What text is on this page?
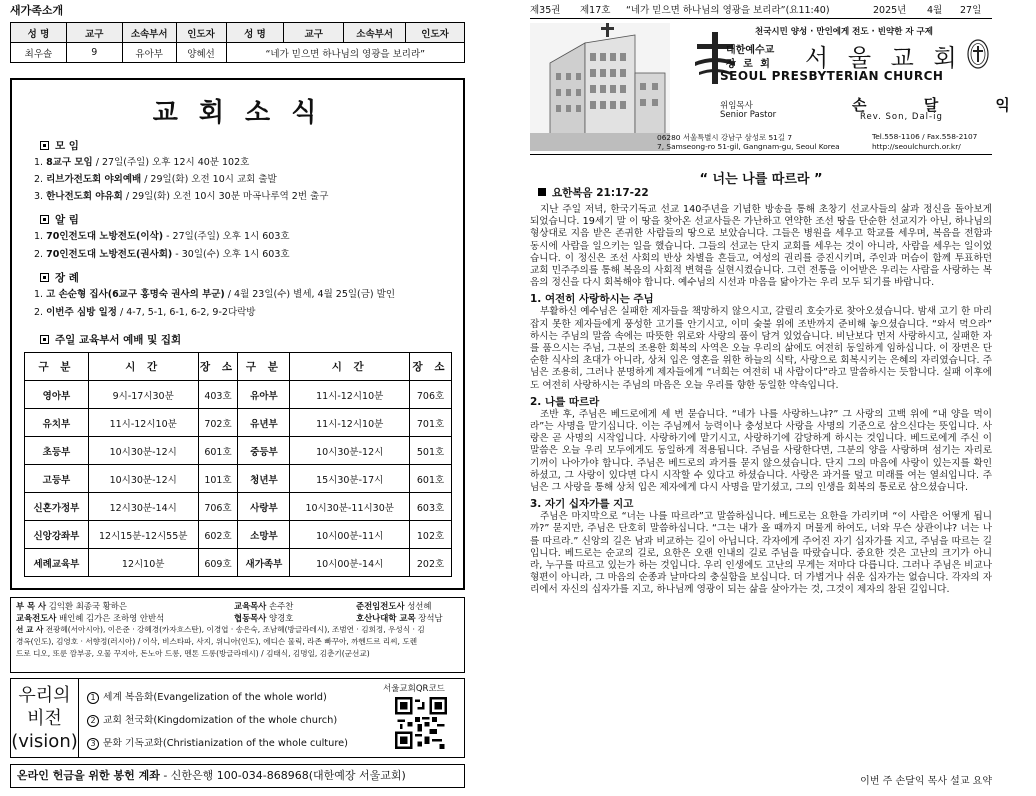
새가족소개
성 명	교구	소속부서	인도자	성 명	교구	소속부서	인도자
최우솔	9	유아부	양혜선	“네가 믿으면 하나님의 영광을 보리라”			
교 회 소 식
모 임
1. 8교구 모임 / 27일(주일) 오후 12시 40분 102호
2. 리브가전도회 야외예배 / 29일(화) 오전 10시 교회 출발
3. 한나전도회 야유회 / 29일(화) 오전 10시 30분 마곡나루역 2번 출구
알 림
1. 70인전도대 노방전도(이삭) - 27일(주일) 오후 1시 603호
2. 70인전도대 노방전도(권사회) - 30일(수) 오후 1시 603호
장 례
1. 고 손순형 집사(6교구 홍명숙 권사의 부군) / 4월 23일(수) 별세, 4월 25일(금) 발인
2. 이번주 심방 일정 / 4-7, 5-1, 6-1, 6-2, 9-2다락방
주일 교육부서 예배 및 집회
구 분	시 간	장 소	구 분	시 간	장 소
영아부	9시-17시30분	403호	유아부	11시-12시10분	706호
유치부	11시-12시10분	702호	유년부	11시-12시10분	701호
초등부	10시30분-12시	601호	중등부	10시30분-12시	501호
고등부	10시30분-12시	101호	청년부	15시30분-17시	601호
신혼가정부	12시30분-14시	706호	사랑부	10시30분-11시30분	603호
신앙강좌부	12시15분-12시55분	602호	소망부	10시00분-11시	102호
세례교육부	12시10분	609호	새가족부	10시00분-14시	202호
부 목 사 김익환 최종국 황하은	교육목사 손주찬	준전임전도사 성선혜
교육전도사 배인혜 김가은 조하영 안반석	협동목사 양경호	호산나대학 교목 장석남
선 교 사 전광혜(서아시아), 이은준 · 강혜경(카자흐스탄), 이경엽 · 송은숙, 조남혜(방글라데시), 조범연 · 김희정, 우성식 · 김
경옥(인도), 김영호 · 서향정(러시아) / 이삭, 비스타파, 사지, 위니아(인도), 에디슨 물릭, 라존 빠꾸아, 까헨드르 리씨, 도렌
드로 디오, 또룬 깜부공, 오물 꾸지아, 돈노아 드롱, 멘톤 드롱(방글라데시) / 김태식, 김명일, 김춘기(군선교)
우리의
비전
(vision)
1 세계 복음화(Evangelization of the whole world)
2 교회 천국화(Kingdomization of the whole church)
3 문화 기독교화(Christianization of the whole culture)
서울교회QR코드
온라인 헌금을 위한 봉헌 계좌 - 신한은행 100-034-868968(대한예장 서울교회)
제35권 제17호 “네가 믿으면 하나님의 영광을 보리라”(요11:40)	2025년 4월 27일
천국시민 양성 · 만인에게 전도 · 빈약한 자 구제
대한예수교
장 로 회 서 울 교 회
SEOUL PRESBYTERIAN CHURCH
위임목사
Senior Pastor
손 달 익
Rev. Son, Dal-ig
06280 서울특별시 강남구 삼성로 51길 7
7, Samseong-ro 51-gil, Gangnam-gu, Seoul Korea
Tel.558-1106 / Fax.558-2107
http://seoulchurch.or.kr/
“ 너는 나를 따르라 ”
요한복음 21:17-22

지난 주일 저녁, 한국기독교 선교 140주년을 기념한 방송을 통해 초창기 선교사들의 삶과 정신을 돌아보게 되었습니다. 19세기 말 이 땅을 찾아온 선교사들은 가난하고 연약한 조선 땅을 단순한 선교지가 아닌, 하나님의 형상대로 지음 받은 존귀한 사람들의 땅으로 보았습니다. 그들은 병원을 세우고 학교를 세우며, 복음을 전함과 동시에 사람을 일으키는 일을 했습니다. 그들의 선교는 단지 교회를 세우는 것이 아니라, 사람을 세우는 일이었습니다. 이 정신은 조선 사회의 반상 차별을 흔들고, 여성의 권리를 증진시키며, 주인과 머슴이 함께 투표하던 교회 민주주의를 통해 복음의 사회적 변혁을 실현시켰습니다. 그런 전통을 이어받은 우리는 사람을 사랑하는 복음의 정신을 다시 회복해야 합니다. 예수님의 시선과 마음을 닮아가는 우리 모두 되기를 바랍니다.

1. 여전히 사랑하시는 주님

부활하신 예수님은 실패한 제자들을 책망하지 않으시고, 갈릴리 호숫가로 찾아오셨습니다. 밤새 고기 한 마리 잡지 못한 제자들에게 풍성한 고기를 안기시고, 이미 숯불 위에 조반까지 준비해 놓으셨습니다. “와서 먹으라” 하시는 주님의 말씀 속에는 따뜻한 위로와 사랑의 품이 담겨 있었습니다. 비난보다 먼저 사랑하시고, 실패한 자를 품으시는 주님, 그분의 조용한 회복의 사역은 오늘 우리의 삶에도 여전히 동일하게 임하십니다. 이 장면은 단순한 식사의 초대가 아니라, 상처 입은 영혼을 위한 하늘의 식탁, 사랑으로 회복시키는 은혜의 자리였습니다. 주님은 조용히, 그러나 분명하게 제자들에게 “너희는 여전히 내 사람이다”라고 말씀하시는 듯합니다. 실패 이후에도 여전히 사랑하시는 주님의 마음은 오늘 우리를 향한 동일한 약속입니다.

2. 나를 따르라

조반 후, 주님은 베드로에게 세 번 묻습니다. “네가 나를 사랑하느냐?” 그 사랑의 고백 위에 “내 양을 먹이라”는 사명을 맡기십니다. 이는 주님께서 능력이나 충성보다 사랑을 사명의 기준으로 삼으신다는 뜻입니다. 사랑은 곧 사명의 시작입니다. 사랑하기에 맡기시고, 사랑하기에 감당하게 하시는 것입니다. 베드로에게 주신 이 말씀은 오늘 우리 모두에게도 동일하게 적용됩니다. 주님을 사랑한다면, 그분의 양을 사랑하며 섬기는 자리로 기꺼이 나아가야 합니다. 주님은 베드로의 과거를 묻지 않으셨습니다. 단지 그의 마음에 사랑이 있는지를 확인하셨고, 그 사랑이 있다면 다시 시작할 수 있다고 하셨습니다. 사랑은 과거를 덮고 미래를 여는 열쇠입니다. 주님은 그 사랑을 통해 상처 입은 제자에게 다시 사명을 맡기셨고, 그의 인생을 회복의 통로로 삼으셨습니다.

3. 자기 십자가를 지고

주님은 마지막으로 “너는 나를 따르라”고 말씀하십니다. 베드로는 요한을 가리키며 “이 사람은 어떻게 됩니까?” 묻지만, 주님은 단호히 말씀하십니다. “그는 내가 올 때까지 머물게 하여도, 너와 무슨 상관이냐? 너는 나를 따르라.” 신앙의 길은 남과 비교하는 길이 아닙니다. 각자에게 주어진 자기 십자가를 지고, 주님을 따르는 길입니다. 베드로는 순교의 길로, 요한은 오랜 인내의 길로 주님을 따랐습니다. 중요한 것은 고난의 크기가 아니라, 누구를 따르고 있는가 하는 것입니다. 우리 인생에도 고난의 무게는 저마다 다릅니다. 그러나 주님은 비교나 형편이 아니라, 그 마음의 순종과 날마다의 충실함을 보십니다. 더 가볍거나 쉬운 십자가는 없습니다. 각자의 자리에서 자신의 십자가를 지고, 하나님께 영광이 되는 삶을 살아가는 것, 그것이 제자의 참된 길입니다.

이번 주 손달익 목사 설교 요약
